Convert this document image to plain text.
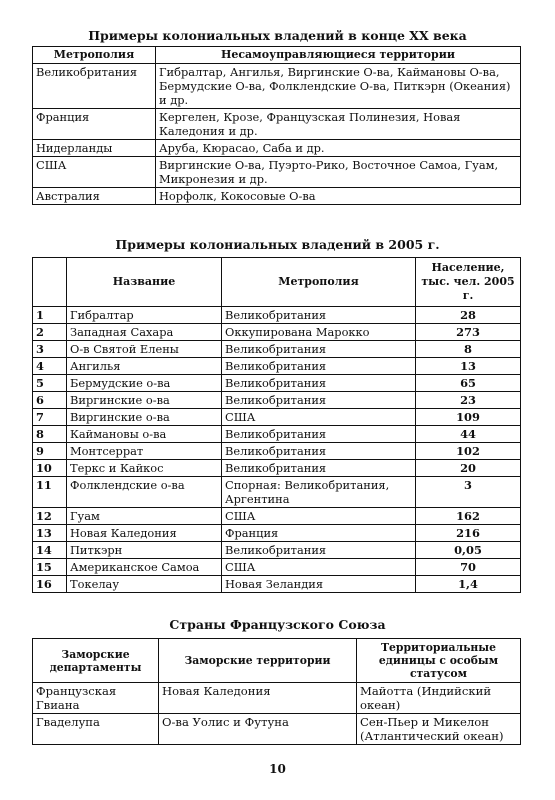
Примеры колониальных владений в конце XX века
Метрополия	Несамоуправляющиеся территории
Великобритания	Гибралтар, Ангилья, Виргинские О-ва, Каймановы О-ва, Бермудские О-ва, Фолклендские О-ва, Питкэрн (Океания) и др.
Франция	Кергелен, Крозе, Французская Полинезия, Новая Каледония и др.
Нидерланды	Аруба, Кюрасао, Саба и др.
США	Виргинские О-ва, Пуэрто-Рико, Восточное Самоа, Гуам, Микронезия и др.
Австралия	Норфолк, Кокосовые О-ва
Примеры колониальных владений в 2005 г.
	Название	Метрополия	Население, тыс. чел. 2005 г.
1	Гибралтар	Великобритания	28
2	Западная Сахара	Оккупирована Марокко	273
3	О-в Святой Елены	Великобритания	8
4	Ангилья	Великобритания	13
5	Бермудские о-ва	Великобритания	65
6	Виргинские о-ва	Великобритания	23
7	Виргинские о-ва	США	109
8	Каймановы о-ва	Великобритания	44
9	Монтсеррат	Великобритания	102
10	Теркс и Кайкос	Великобритания	20
11	Фолклендские о-ва	Спорная: Великобритания, Аргентина	3
12	Гуам	США	162
13	Новая Каледония	Франция	216
14	Питкэрн	Великобритания	0,05
15	Американское Самоа	США	70
16	Токелау	Новая Зеландия	1,4
Страны Французского Союза
Заморские департаменты	Заморские территории	Территориальные единицы с особым статусом
Французская Гвиана	Новая Каледония	Майотта (Индийский океан)
Гваделупа	О-ва Уолис и Футуна	Сен-Пьер и Микелон (Атлантический океан)
10
